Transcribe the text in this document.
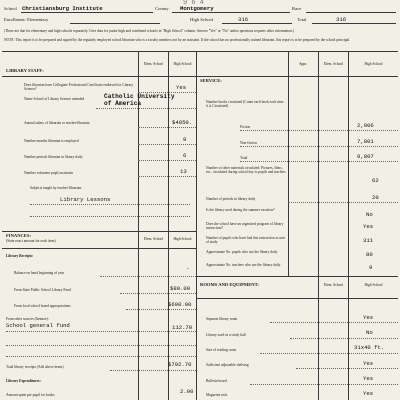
9 6 4
School Christiansburg Institute	County Montgomery	Race
Enrollment: Elementary	High School	316	Total	316
(These are due for elementary and high schools separately. Give data for junior high and combined schools in "High School" column. Answer "Yes" or "No" unless questions requires other information.)
NOTE: This report is to be prepared and signed by the regularly employed school librarian who is a faculty member, not by an assistant. If the school has no professionally trained librarian, this report is to be prepared by the school principal.
LIBRARY STAFF:
Elem. School	High School
Does librarian have Collegiate Professional Certificate endorsed for Library Science?	Yes
Name School of Library Science attended	Catholic University
of America
Annual salary of librarian or teacher-librarian	$4950.
Number months librarian is employed	9
Number periods librarian in library daily	6
Number volunteer pupil assistants	13
Subjects taught by teacher-librarian:
Library Lessons
SERVICE:
Appr.	Elem. School	High School
Number books circulated (Count each book each time it is Circulated)
Fiction	2,006
Non-fiction	7,801
Total	9,807
Number of other materials circulated: Pictures, films, etc., circulated during school day to pupils and teachers
62
Number of periods in library daily	20
Is the library used during the summer vacation?
No
Does the school have an organized program of library instruction?	Yes
Number of pupils who have had this instruction as unit of study	311
Approximate No. pupils who use the library daily	80
Approximate No. teachers who use the library daily	9
FINANCES:
(State exact amount for each item)	Elem. School	High School
Library Receipts:
Balance on hand beginning of year
-
From State Public School Library Fund	$80.00
From local school board appropriations	$600.00
From other sources (Itemize):
School general fund	112.70
Total library receipts (Add above items)	$792.70
Library Expenditures:
Amount spent per pupil for books	2.00
ROOMS AND EQUIPMENT:	Elem. School	High School
Separate library room	Yes
Library used as a study hall	No
Size of reading room	31x40 ft.
Sufficient adjustable shelving	Yes
Bulletin board	Yes
Magazine rack	Yes
